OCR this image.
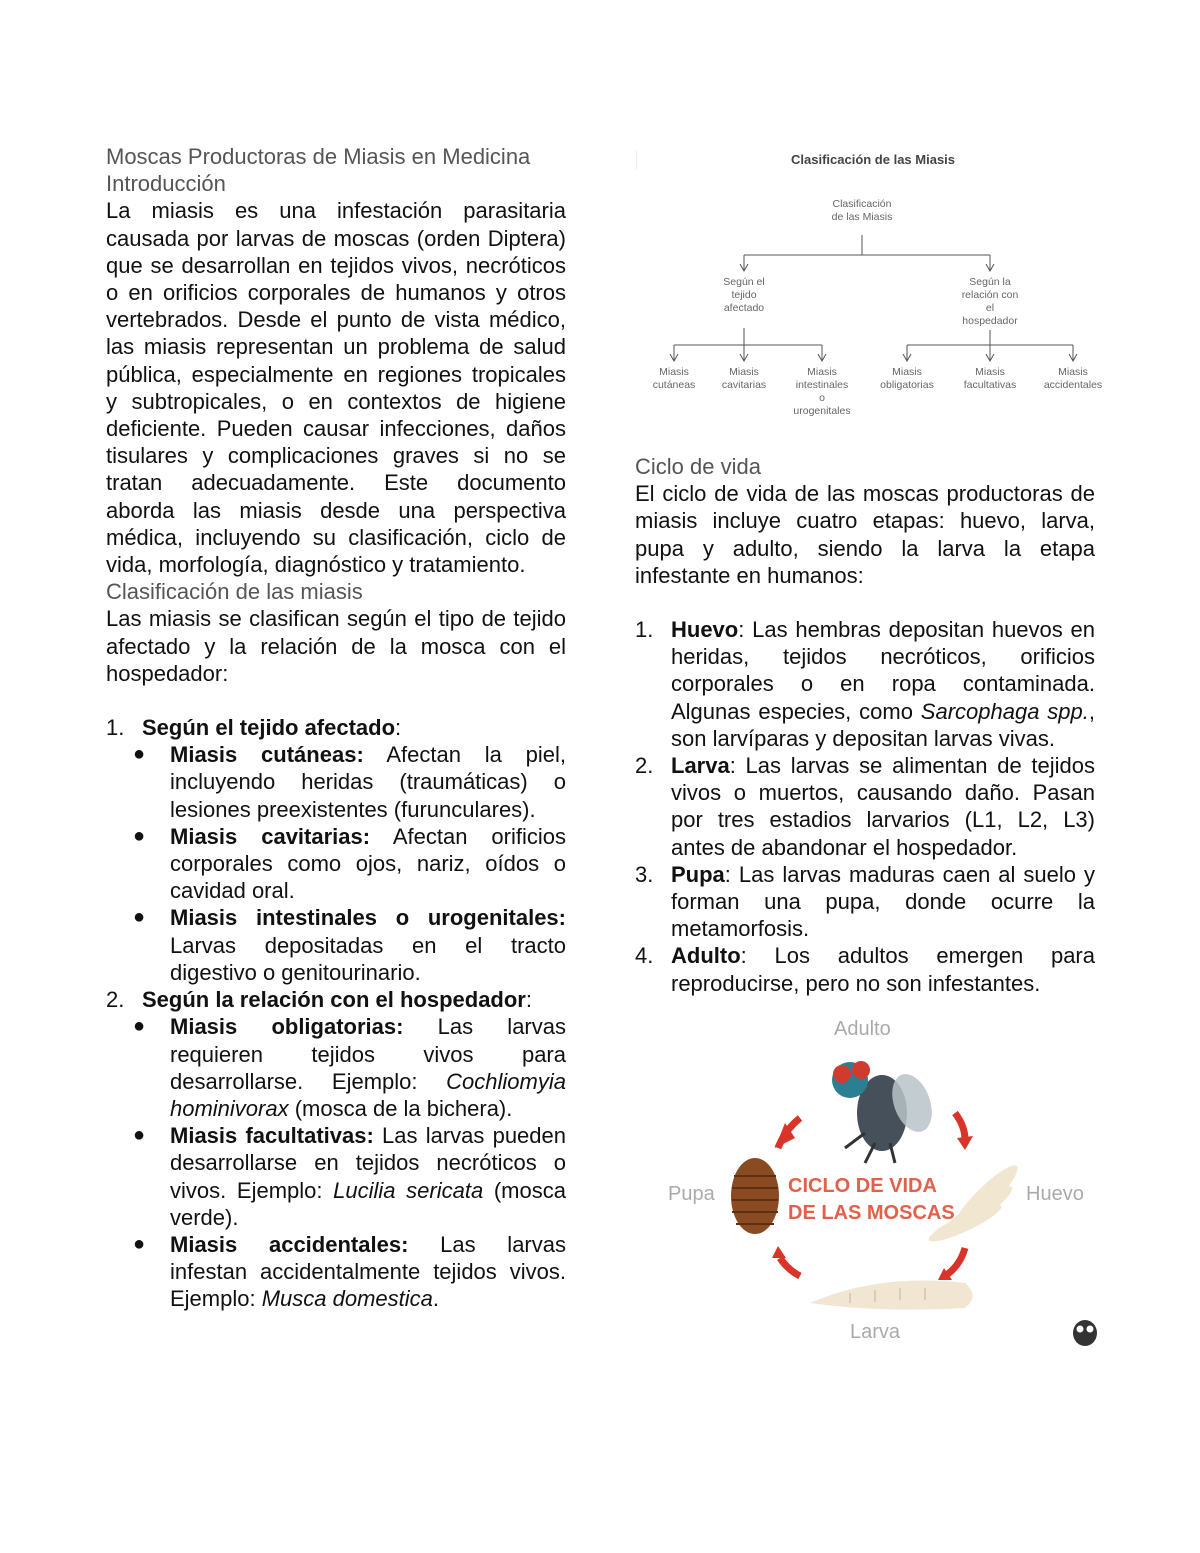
Moscas Productoras de Miasis en Medicina

Introducción

La miasis es una infestación parasitaria causada por larvas de moscas (orden Diptera) que se desarrollan en tejidos vivos, necróticos o en orificios corporales de humanos y otros vertebrados. Desde el punto de vista médico, las miasis representan un problema de salud pública, especialmente en regiones tropicales y subtropicales, o en contextos de higiene deficiente. Pueden causar infecciones, daños tisulares y complicaciones graves si no se tratan adecuadamente. Este documento aborda las miasis desde una perspectiva médica, incluyendo su clasificación, ciclo de vida, morfología, diagnóstico y tratamiento.

Clasificación de las miasis

Las miasis se clasifican según el tipo de tejido afectado y la relación de la mosca con el hospedador:

1. Según el tejido afectado:
● Miasis cutáneas: Afectan la piel, incluyendo heridas (traumáticas) o lesiones preexistentes (furunculares).
● Miasis cavitarias: Afectan orificios corporales como ojos, nariz, oídos o cavidad oral.
● Miasis intestinales o urogenitales: Larvas depositadas en el tracto digestivo o genitourinario.
2. Según la relación con el hospedador:
● Miasis obligatorias: Las larvas requieren tejidos vivos para desarrollarse. Ejemplo: Cochliomyia hominivorax (mosca de la bichera).
● Miasis facultativas: Las larvas pueden desarrollarse en tejidos necróticos o vivos. Ejemplo: Lucilia sericata (mosca verde).
● Miasis accidentales: Las larvas infestan accidentalmente tejidos vivos. Ejemplo: Musca domestica.
Clasificación de las Miasis
Clasificación
de las Miasis
Según el
tejido
afectado
Según la
relación con
el
hospedador
Miasis
cutáneas
Miasis
cavitarias
Miasis
intestinales
o
urogenitales
Miasis
obligatorias
Miasis
facultativas
Miasis
accidentales

Ciclo de vida

El ciclo de vida de las moscas productoras de miasis incluye cuatro etapas: huevo, larva, pupa y adulto, siendo la larva la etapa infestante en humanos:

1. Huevo: Las hembras depositan huevos en heridas, tejidos necróticos, orificios corporales o en ropa contaminada. Algunas especies, como Sarcophaga spp., son larvíparas y depositan larvas vivas.
2. Larva: Las larvas se alimentan de tejidos vivos o muertos, causando daño. Pasan por tres estadios larvarios (L1, L2, L3) antes de abandonar el hospedador.
3. Pupa: Las larvas maduras caen al suelo y forman una pupa, donde ocurre la metamorfosis.
4. Adulto: Los adultos emergen para reproducirse, pero no son infestantes.
Adulto
Huevo
Larva
Pupa	CICLO DE VIDA
DE LAS MOSCAS
